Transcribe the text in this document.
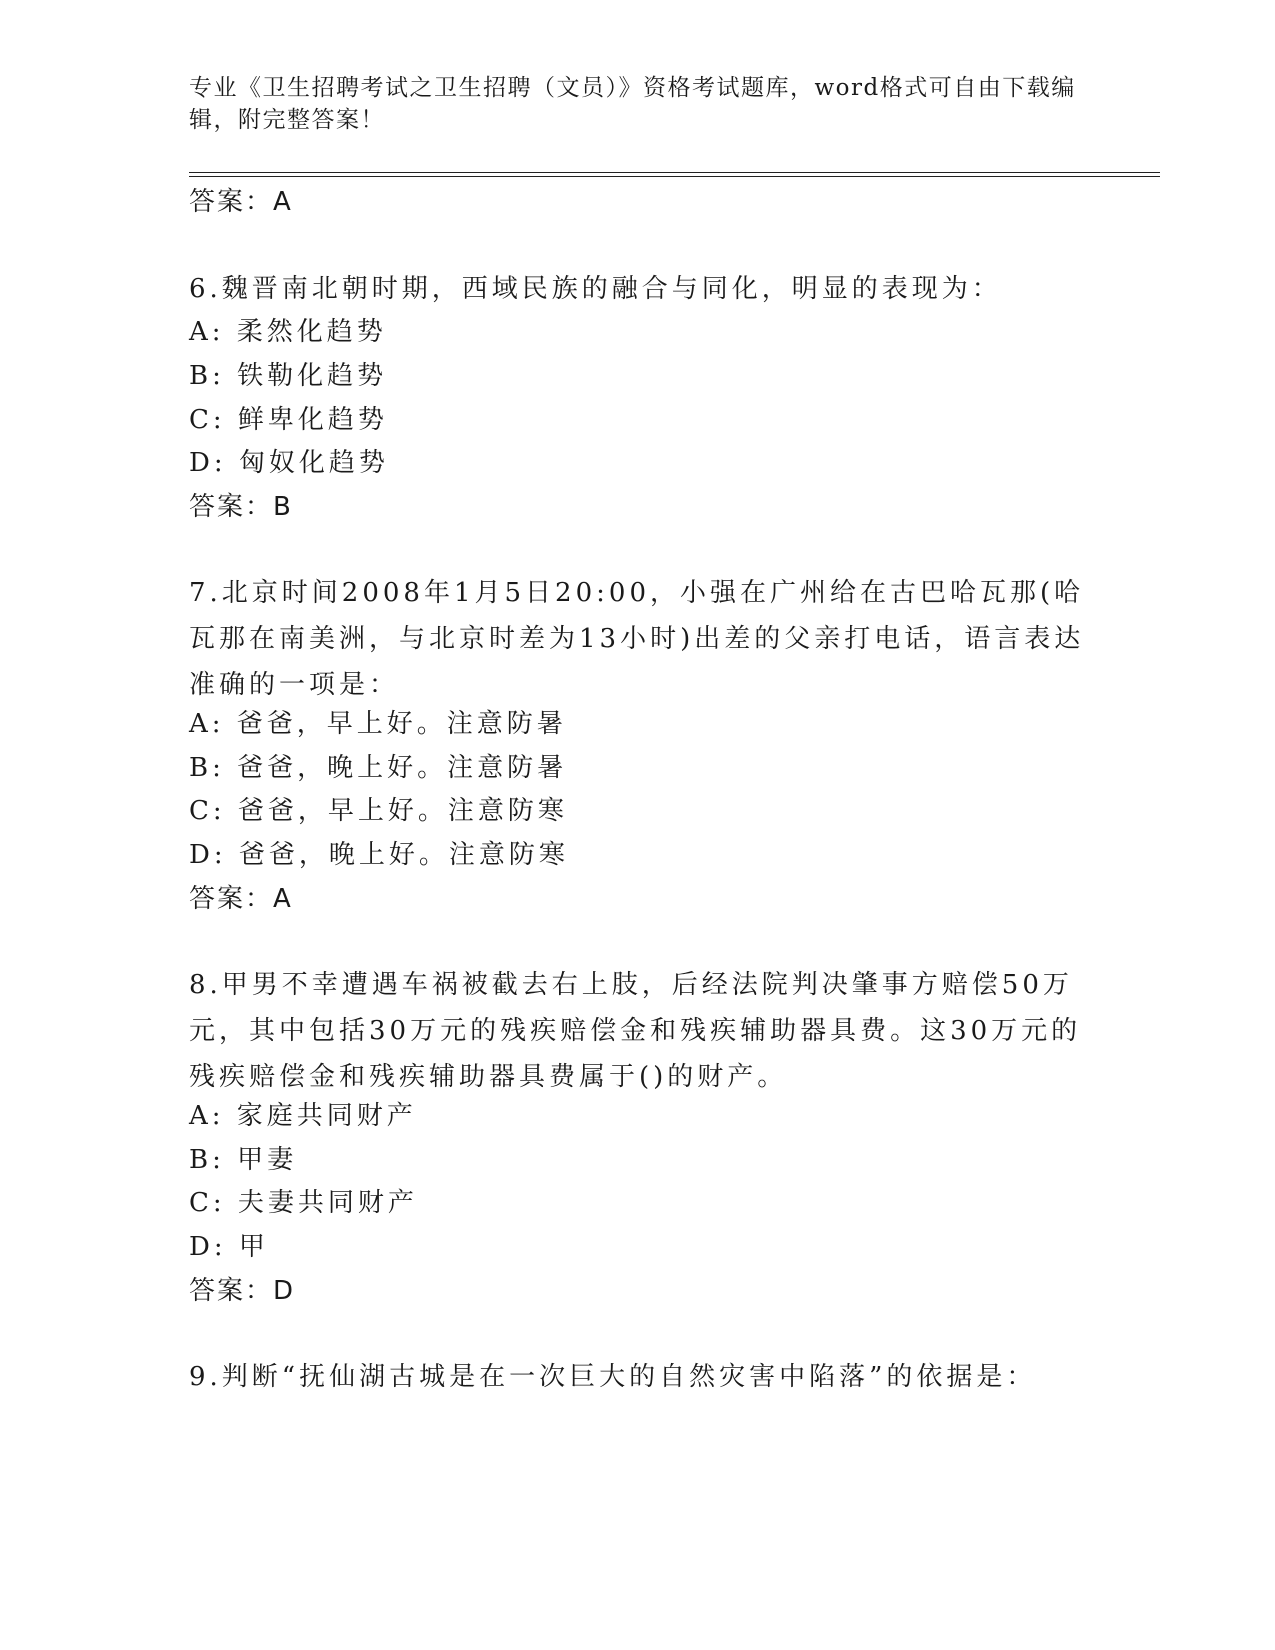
专业《卫生招聘考试之卫生招聘（文员）》资格考试题库，word格式可自由下载编辑，附完整答案！
答案：A
6.魏晋南北朝时期，西域民族的融合与同化，明显的表现为：
A: 柔然化趋势
B: 铁勒化趋势
C: 鲜卑化趋势
D: 匈奴化趋势
答案：B
7.北京时间2008年1月5日20:00，小强在广州给在古巴哈瓦那(哈瓦那在南美洲，与北京时差为13小时)出差的父亲打电话，语言表达准确的一项是：
A: 爸爸，早上好。注意防暑
B: 爸爸，晚上好。注意防暑
C: 爸爸，早上好。注意防寒
D: 爸爸，晚上好。注意防寒
答案：A
8.甲男不幸遭遇车祸被截去右上肢，后经法院判决肇事方赔偿50万元，其中包括30万元的残疾赔偿金和残疾辅助器具费。这30万元的残疾赔偿金和残疾辅助器具费属于()的财产。
A: 家庭共同财产
B: 甲妻
C: 夫妻共同财产
D: 甲
答案：D
9.判断“抚仙湖古城是在一次巨大的自然灾害中陷落”的依据是：
